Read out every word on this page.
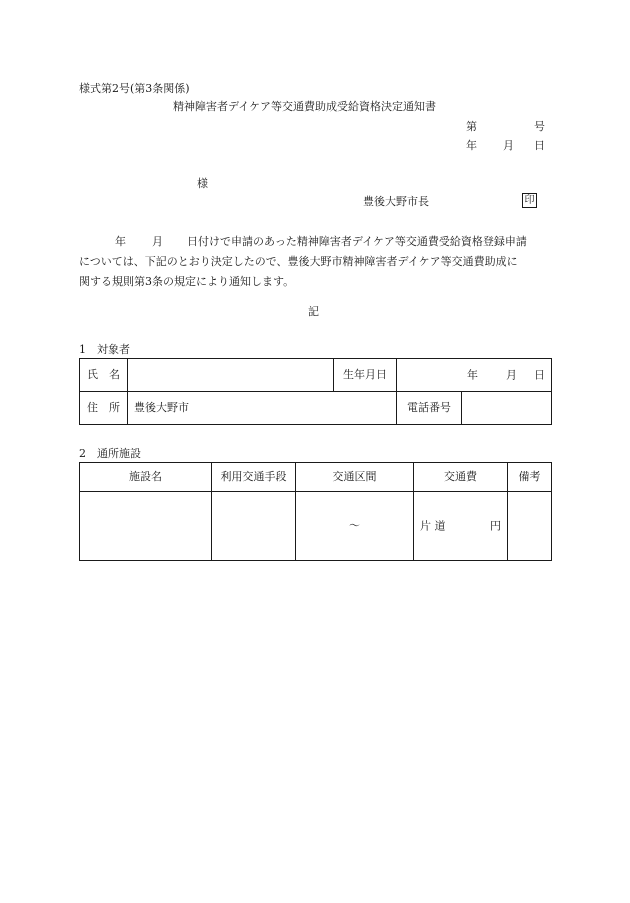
様式第2号(第3条関係)
精神障害者デイケア等交通費助成受給資格決定通知書
第	号
年 月 日
様
豊後大野市長	印

年 月 日付けで申請のあった精神障害者デイケア等交通費受給資格登録申請

については、下記のとおり決定したので、豊後大野市精神障害者デイケア等交通費助成に

関する規則第3条の規定により通知します。

記
1　対象者
氏　名		生年月日	年 月 日	

住　所	豊後大野市		電話番号	
2　通所施設
施設名	利用交通手段	交通区間	交通費	備考
		～	片 道 円	
